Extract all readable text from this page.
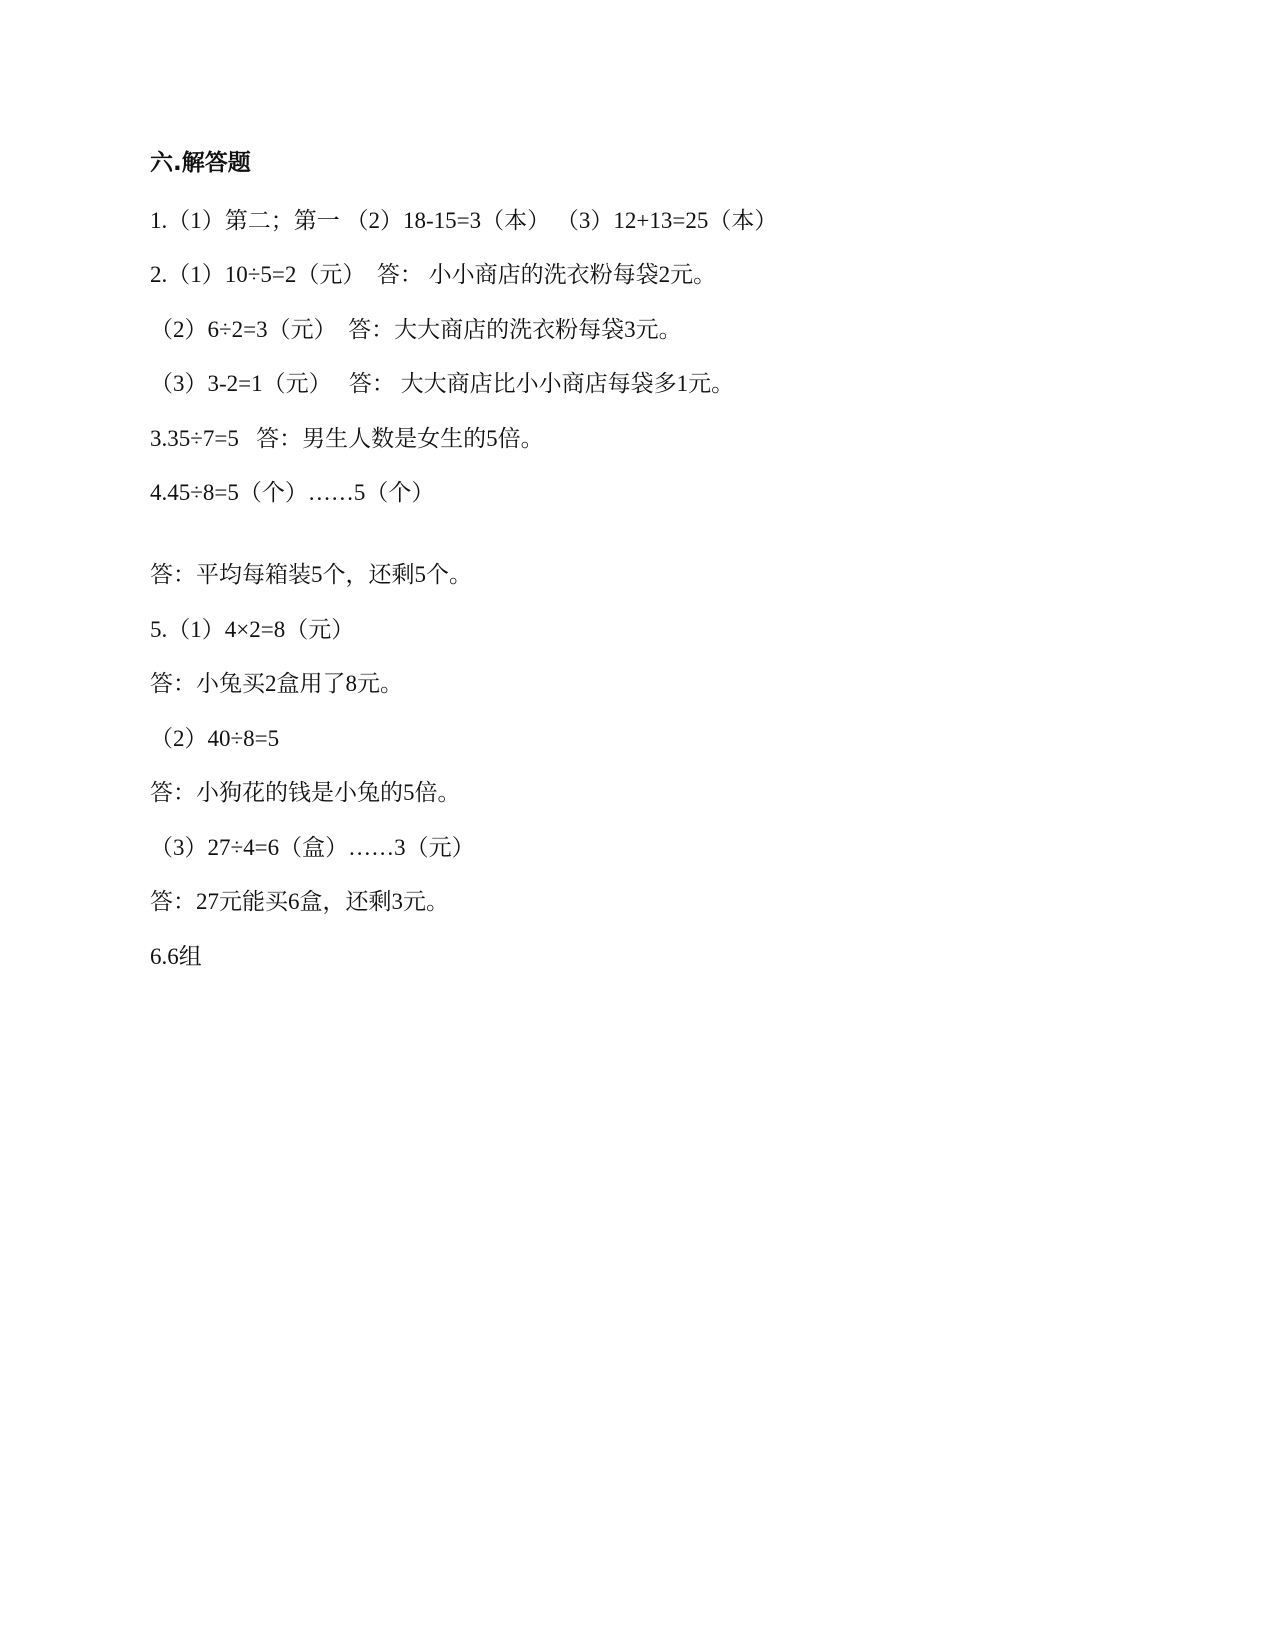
六.解答题
1.（1）第二；第一 （2）18-15=3（本） （3）12+13=25（本）
2.（1）10÷5=2（元）  答： 小小商店的洗衣粉每袋2元。
（2）6÷2=3（元）  答：大大商店的洗衣粉每袋3元。
（3）3-2=1（元）   答： 大大商店比小小商店每袋多1元。
3.35÷7=5   答：男生人数是女生的5倍。
4.45÷8=5（个）……5（个）
答：平均每箱装5个，还剩5个。
5.（1）4×2=8（元）
答：小兔买2盒用了8元。
（2）40÷8=5
答：小狗花的钱是小兔的5倍。
（3）27÷4=6（盒）……3（元）
答：27元能买6盒，还剩3元。
6.6组
